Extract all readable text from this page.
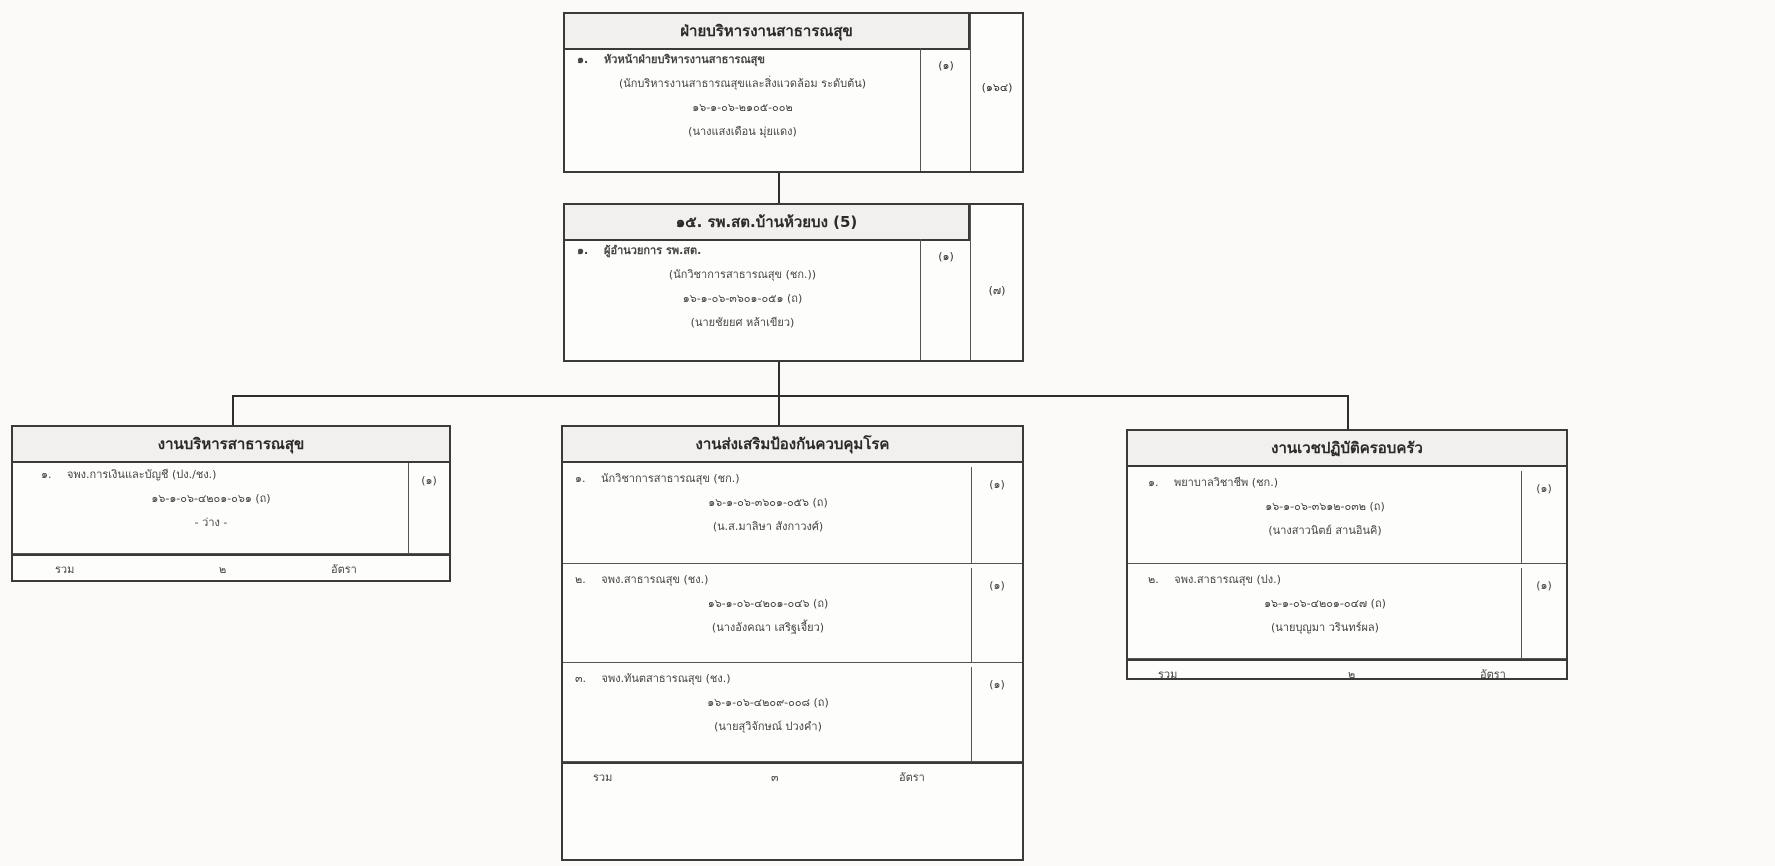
ฝ่ายบริหารงานสาธารณสุข
(๑๖๔)
(๑)
๑. หัวหน้าฝ่ายบริหารงานสาธารณสุข
(นักบริหารงานสาธารณสุขและสิ่งแวดล้อม ระดับต้น)
๑๖-๑-๐๖-๒๑๐๕-๐๐๒
(นางแสงเดือน มุ่ยแดง)
๑๕. รพ.สต.บ้านห้วยบง (5)
(๗)
(๑)
๑. ผู้อำนวยการ รพ.สต.
(นักวิชาการสาธารณสุข (ชก.))
๑๖-๑-๐๖-๓๖๐๑-๐๕๑ (ถ)
(นายชัยยศ หล้าเขียว)
งานบริหารสาธารณสุข
(๑)
๑. จพง.การเงินและบัญชี (ปง./ชง.)
๑๖-๑-๐๖-๔๒๐๑-๐๖๑ (ถ)
- ว่าง -
รวม	๒	อัตรา
งานส่งเสริมป้องกันควบคุมโรค
(๑)
๑. นักวิชาการสาธารณสุข (ชก.)
๑๖-๑-๐๖-๓๖๐๑-๐๕๖ (ถ)
(น.ส.มาลิษา สังกาวงศ์)
(๑)
๒. จพง.สาธารณสุข (ชง.)
๑๖-๑-๐๖-๔๒๐๑-๐๔๖ (ถ)
(นางอังคณา เสริฐเจี้ยว)
(๑)
๓. จพง.ทันตสาธารณสุข (ชง.)
๑๖-๑-๐๖-๔๒๐๙-๐๐๘ (ถ)
(นายสุวิจักษณ์ ปวงคำ)
รวม	๓	อัตรา
งานเวชปฏิบัติครอบครัว
(๑)
๑. พยาบาลวิชาชีพ (ชก.)
๑๖-๑-๐๖-๓๖๑๒-๐๓๒ (ถ)
(นางสาวนิตย์ สานอินคิ)
(๑)
๒. จพง.สาธารณสุข (ปง.)
๑๖-๑-๐๖-๔๒๐๑-๐๔๗ (ถ)
(นายบุญมา วรินทร์ผล)
รวม	๒	อัตรา
